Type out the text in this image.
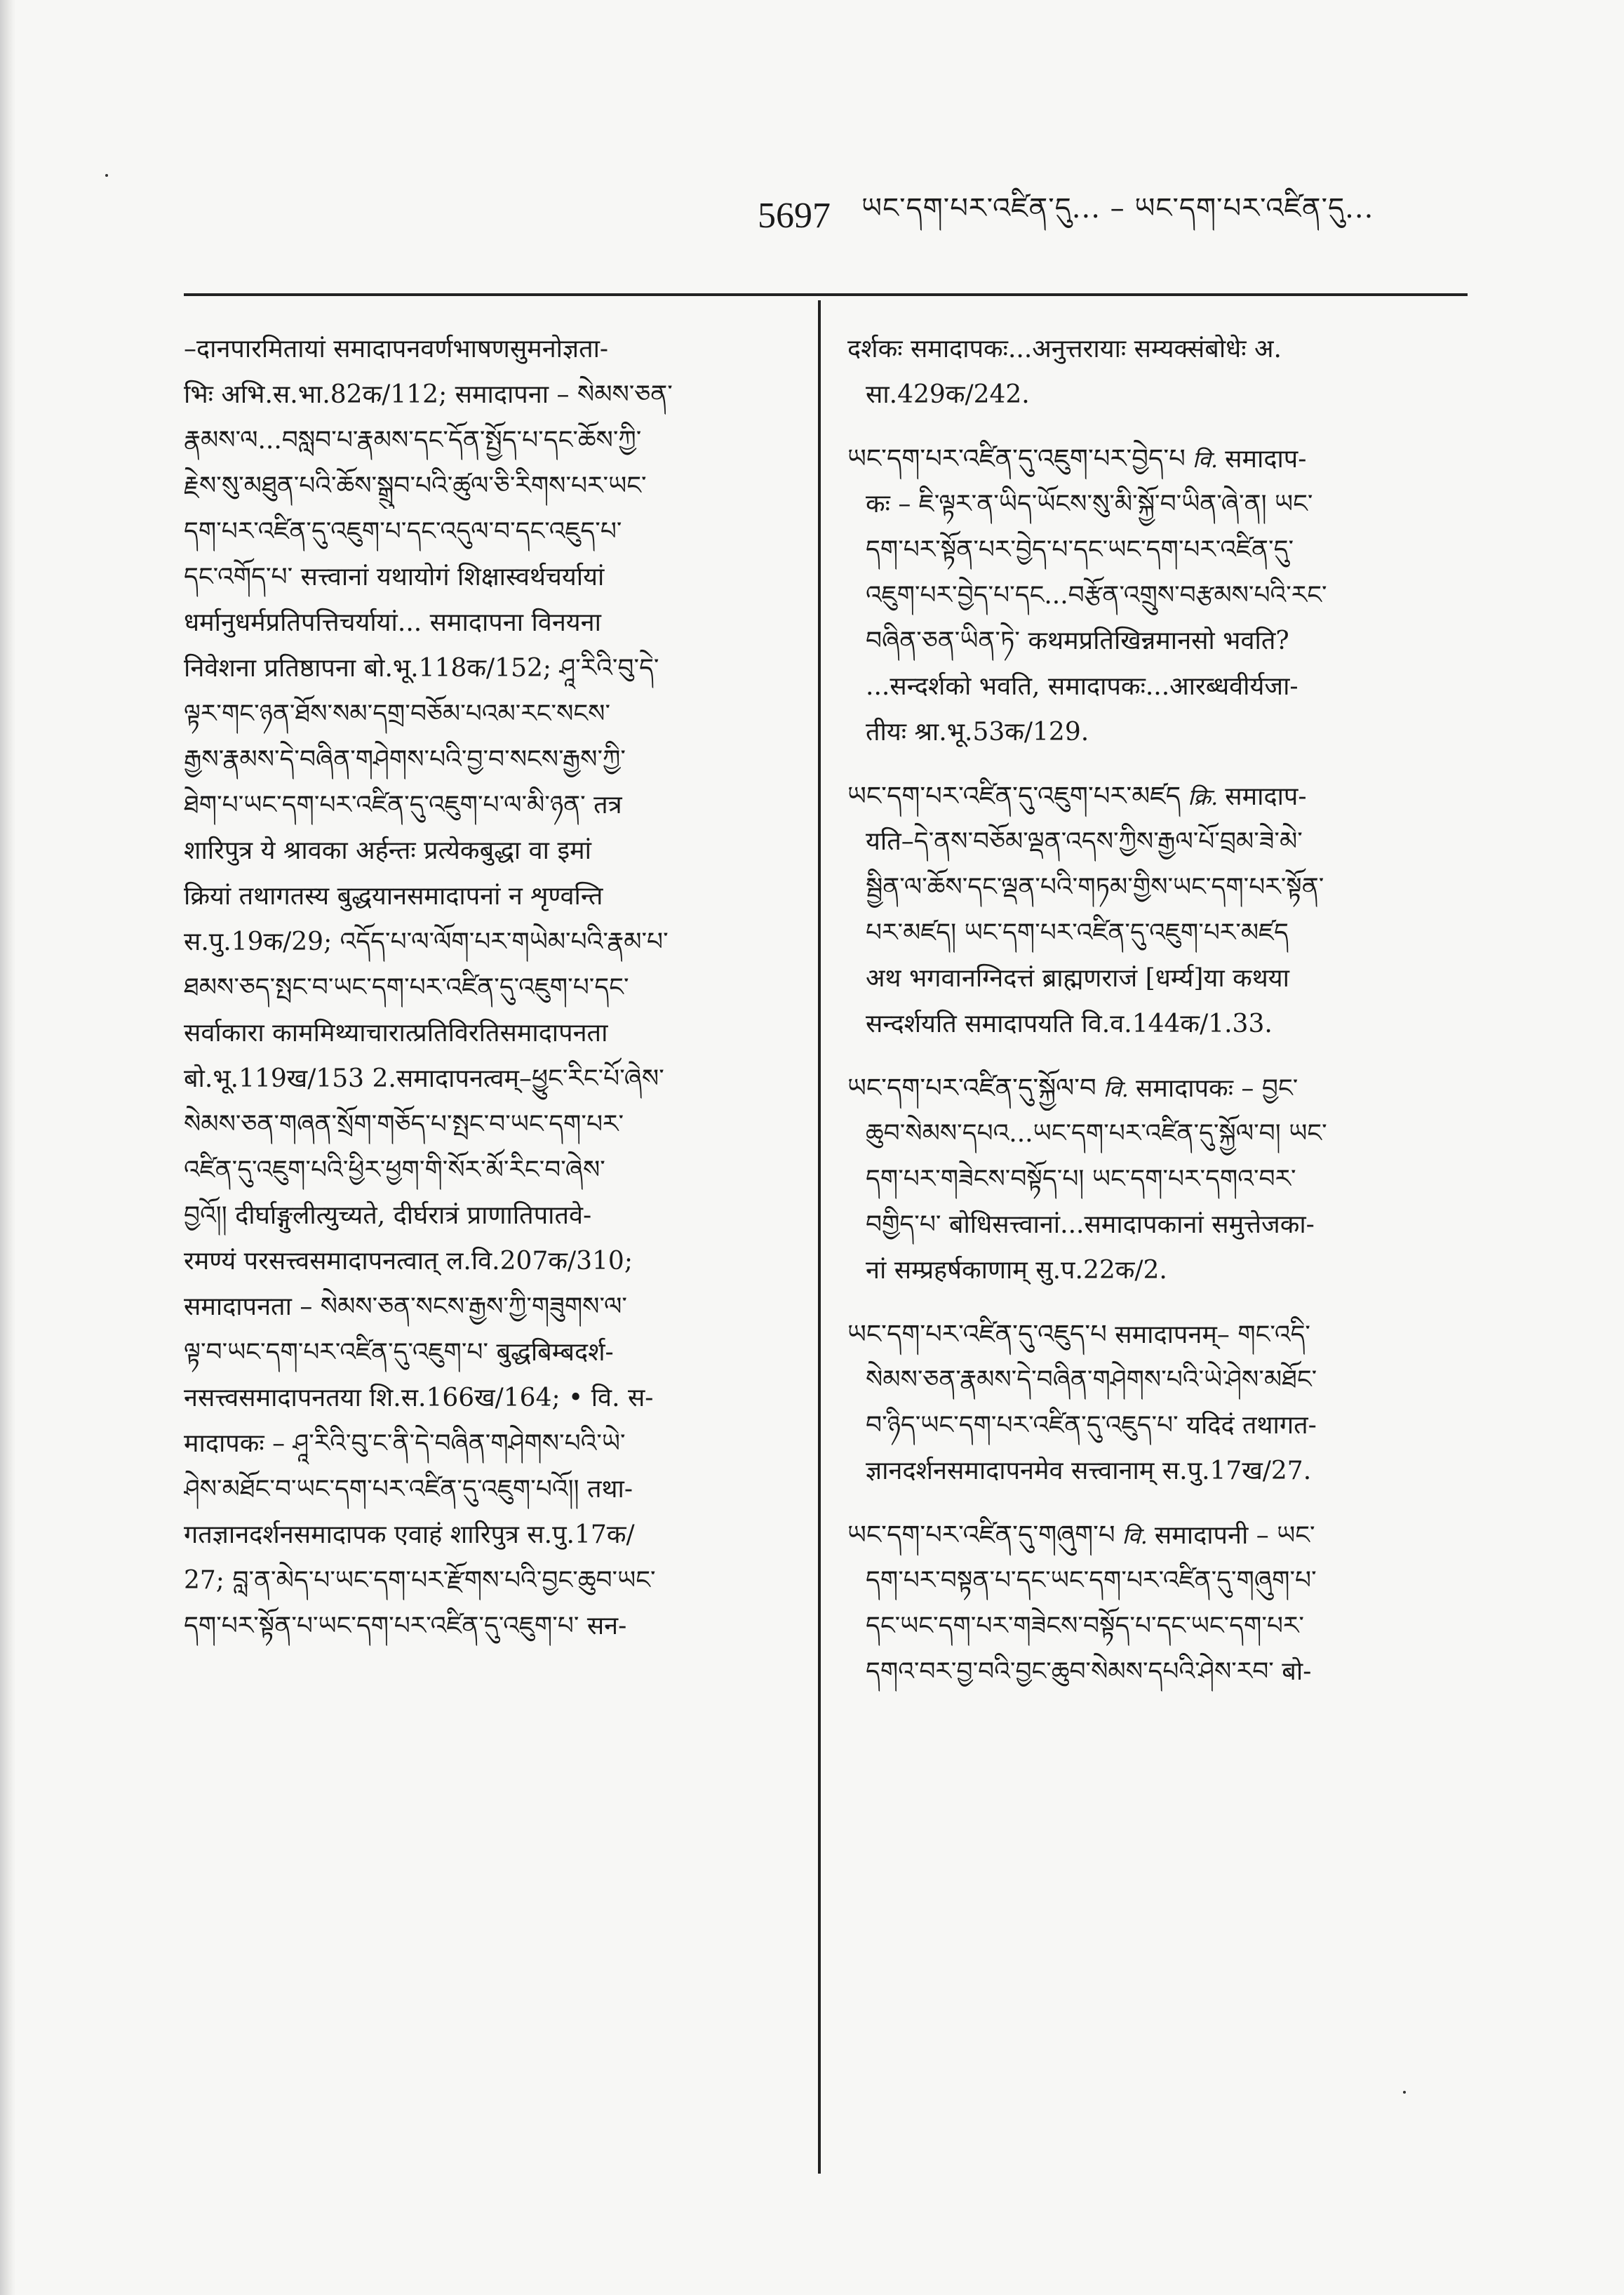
5697 ཡང་དག་པར་འཛིན་དུ... – ཡང་དག་པར་འཛིན་དུ...
–दानपारमितायां समादापनवर्णभाषणसुमनोज्ञता-
भिः अभि.स.भा.82क/112; समादापना – སེམས་ཅན་
རྣམས་ལ...བསླབ་པ་རྣམས་དང་དོན་སྤྱོད་པ་དང་ཆོས་ཀྱི་
རྗེས་སུ་མཐུན་པའི་ཆོས་སྒྲུབ་པའི་ཚུལ་ཅི་རིགས་པར་ཡང་
དག་པར་འཛིན་དུ་འཇུག་པ་དང་འདུལ་བ་དང་འཇུད་པ་
དང་འགོད་པ་ सत्त्वानां यथायोगं शिक्षास्वर्थचर्यायां
धर्मानुधर्मप्रतिपत्तिचर्यायां... समादापना विनयना
निवेशना प्रतिष्ठापना बो.भू.118क/152; ཤཱ་རིའི་བུ་དེ་
ལྟར་གང་ཉན་ཐོས་སམ་དགྲ་བཅོམ་པའམ་རང་སངས་
རྒྱས་རྣམས་དེ་བཞིན་གཤེགས་པའི་བྱ་བ་སངས་རྒྱས་ཀྱི་
ཐེག་པ་ཡང་དག་པར་འཛིན་དུ་འཇུག་པ་ལ་མི་ཉན་ तत्र
शारिपुत्र ये श्रावका अर्हन्तः प्रत्येकबुद्धा वा इमां
क्रियां तथागतस्य बुद्धयानसमादापनां न शृण्वन्ति
स.पु.19क/29; འདོད་པ་ལ་ལོག་པར་གཡེམ་པའི་རྣམ་པ་
ཐམས་ཅད་སྤང་བ་ཡང་དག་པར་འཛིན་དུ་འཇུག་པ་དང་
सर्वाकारा काममिथ्याचारात्प्रतिविरतिसमादापनता
बो.भू.119ख/153 2.समादापनत्वम्–ཕྱུང་རིང་པོ་ཞེས་
སེམས་ཅན་གཞན་སྲོག་གཅོད་པ་སྤང་བ་ཡང་དག་པར་
འཛིན་དུ་འཇུག་པའི་ཕྱིར་ཕྱག་གི་སོར་མོ་རིང་བ་ཞེས་
བྱའོ།། दीर्घाङ्गुलीत्युच्यते, दीर्घरात्रं प्राणातिपातवे-
रमण्यं परसत्त्वसमादापनत्वात् ल.वि.207क/310;
समादापनता – སེམས་ཅན་སངས་རྒྱས་ཀྱི་གཟུགས་ལ་
ལྟ་བ་ཡང་དག་པར་འཛིན་དུ་འཇུག་པ་ बुद्धबिम्बदर्श-
नसत्त्वसमादापनतया शि.स.166ख/164; • वि. स-
मादापकः – ཤཱ་རིའི་བུ་ང་ནི་དེ་བཞིན་གཤེགས་པའི་ཡེ་
ཤེས་མཐོང་བ་ཡང་དག་པར་འཛིན་དུ་འཇུག་པའོ།། तथा-
गतज्ञानदर्शनसमादापक एवाहं शारिपुत्र स.पु.17क/
27; བླ་ན་མེད་པ་ཡང་དག་པར་རྫོགས་པའི་བྱང་ཆུབ་ཡང་
དག་པར་སྟོན་པ་ཡང་དག་པར་འཛིན་དུ་འཇུག་པ་ सन-
दर्शकः समादापकः...अनुत्तरायाः सम्यक्संबोधेः अ.
सा.429क/242.
ཡང་དག་པར་འཛིན་དུ་འཇུག་པར་བྱེད་པ वि. समादाप-
कः – ཇི་ལྟར་ན་ཡིད་ཡོངས་སུ་མི་སྐྱོ་བ་ཡིན་ཞེ་ན། ཡང་
དག་པར་སྟོན་པར་བྱེད་པ་དང་ཡང་དག་པར་འཛིན་དུ་
འཇུག་པར་བྱེད་པ་དང...བརྩོན་འགྲུས་བརྩམས་པའི་རང་
བཞིན་ཅན་ཡིན་ཏེ་ कथमप्रतिखिन्नमानसो भवति?
...सन्दर्शको भवति, समादापकः...आरब्धवीर्यजा-
तीयः श्रा.भू.53क/129.
ཡང་དག་པར་འཛིན་དུ་འཇུག་པར་མཛད क्रि. समादाप-
यति–དེ་ནས་བཅོམ་ལྡན་འདས་ཀྱིས་རྒྱལ་པོ་བྲམ་ཟེ་མེ་
སྦྱིན་ལ་ཆོས་དང་ལྡན་པའི་གཏམ་གྱིས་ཡང་དག་པར་སྟོན་
པར་མཛད། ཡང་དག་པར་འཛིན་དུ་འཇུག་པར་མཛད
अथ भगवानग्निदत्तं ब्राह्मणराजं [धर्म्य]या कथया
सन्दर्शयति समादापयति वि.व.144क/1.33.
ཡང་དག་པར་འཛིན་དུ་སྐྱོལ་བ वि. समादापकः – བྱང་
ཆུབ་སེམས་དཔའ...ཡང་དག་པར་འཛིན་དུ་སྐྱོལ་བ། ཡང་
དག་པར་གཟེངས་བསྟོད་པ། ཡང་དག་པར་དགའ་བར་
བགྱིད་པ་ बोधिसत्त्वानां...समादापकानां समुत्तेजका-
नां सम्प्रहर्षकाणाम् सु.प.22क/2.
ཡང་དག་པར་འཛིན་དུ་འཇུད་པ समादापनम्– གང་འདི་
སེམས་ཅན་རྣམས་དེ་བཞིན་གཤེགས་པའི་ཡེ་ཤེས་མཐོང་
བ་ཉིད་ཡང་དག་པར་འཛིན་དུ་འཇུད་པ་ यदिदं तथागत-
ज्ञानदर्शनसमादापनमेव सत्त्वानाम् स.पु.17ख/27.
ཡང་དག་པར་འཛིན་དུ་གཞུག་པ वि. समादापनी – ཡང་
དག་པར་བསྟན་པ་དང་ཡང་དག་པར་འཛིན་དུ་གཞུག་པ་
དང་ཡང་དག་པར་གཟེངས་བསྟོད་པ་དང་ཡང་དག་པར་
དགའ་བར་བྱ་བའི་བྱང་ཆུབ་སེམས་དཔའི་ཤེས་རབ་ बो-
